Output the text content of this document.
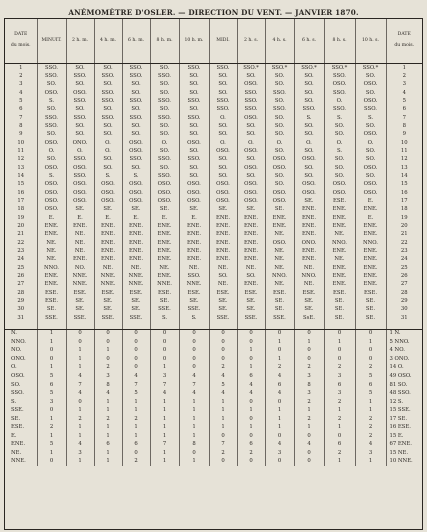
ANÉMOMÈTRE D'OSLER. — DIRECTION DU VENT. — JANVIER 1870.
DATE
du mois.	MINUIT.	2 h. m.	4 h. m.	6 h. m.	8 h. m.	10 h. m.	MIDI.	2 h. s.	4 h. s.	6 h. s.	8 h. s.	10 h. s.	DATE
du mois.

1	SSO.	SO.	SO.	SSO.	SO.	SSO.	SSO.	SSO.*	SSO.*	SSO.*	SSO.*	SSO.*	1
2	SSO.	SSO.	SSO.	SSO.	SSO.	SO.	SO.	SO.	SO.	SO.	SSO.	SO.	2
3	SO.	SO.	SO.	SO.	SO.	SO.	SO.	OSO.	SO.	SO.	OSO.	OSO.	3
4	OSO.	OSO.	SSO.	SO.	SO.	SO.	SO.	SSO.	SSO.	SO.	SSO.	SO.	4
5	S.	SSO.	SSO.	SSO.	SSO.	SSO.	SSO.	SSO.	SO.	SO.	O.	OSO.	5
6	SO.	SO.	SO.	SO.	SO.	SO.	SSO.	SSO.	SSO.	SSO.	SSO.	SSO.	6
7	SSO.	SSO.	SSO.	SSO.	SSO.	SSO.	O.	OSO.	SO.	S.	S.	S.	7
8	SSO.	SO.	SO.	SO.	SO.	SO.	SO.	SO.	SO.	SO.	SO.	SO.	8
9	SO.	SO.	SO.	SO.	SO.	SO.	SO.	SO.	SO.	SO.	SO.	OSO.	9
10	OSO.	ONO.	O.	OSO.	O.	OSO.	O.	O.	O.	O.	O.	O.	10
11	O.	O.	O.	OSO.	SO.	SO.	OSO.	OSO.	SO.	SO.	S.	SO.	11
12	SO.	SSO.	SO.	SSO.	SSO.	SSO.	SO.	SO.	OSO.	OSO.	SO.	SO.	12
13	OSO.	OSO.	SO.	SO.	SO.	SO.	SO.	OSO.	OSO.	SO.	SO.	OSO.	13
14	S.	SSO.	S.	S.	SSO.	SO.	SO.	SO.	SO.	SO.	SO.	SO.	14
15	OSO.	OSO.	OSO.	OSO.	OSO.	OSO.	OSO.	OSO.	SO.	OSO.	OSO.	OSO.	15
16	OSO.	OSO.	OSO.	OSO.	OSO.	OSO.	OSO.	OSO.	OSO.	OSO.	OSO.	OSO.	16
17	OSO.	OSO.	OSO.	OSO.	OSO.	OSO.	OSO.	OSO.	OSO.	SE.	ESE.	E.	17
18	OSO.	SE.	SE.	SE.	SE.	SE.	SE.	SE.	SE.	ENE.	ENE.	ENE.	18
19	E.	E.	E.	E.	E.	E.	ENE.	ENE.	ENE.	ENE.	ENE.	E.	19
20	ENE.	ENE.	ENE.	ENE.	ENE.	ENE.	ENE.	ENE.	ENE.	ENE.	ENE.	ENE.	20
21	ENE.	NE.	ENE.	ENE.	ENE.	ENE.	ENE.	ENE.	NE.	ENE.	NE.	ENE.	21
22	NE.	NE.	ENE.	ENE.	ENE.	ENE.	ENE.	ENE.	OSO.	ONO.	NNO.	NNO.	22
23	NE.	NE.	ENE.	ENE.	ENE.	ENE.	ENE.	ENE.	NE.	ENE.	ENE.	ENE.	23
24	NE.	ENE.	ENE.	ENE.	ENE.	ENE.	ENE.	ENE.	NE.	ENE.	NE.	ENE.	24
25	NNO.	NO.	NE.	NE.	NE.	NE.	NE.	NE.	NE.	NE.	ENE.	ENE.	25
26	ENE.	NNE.	NNE.	NNE.	ENE.	SSO.	SO.	SO.	NNO.	NNO.	ENE.	ENE.	26
27	ENE.	NNE.	NNE.	NNE.	NNE.	NNE.	NE.	ENE.	NE.	NE.	ENE.	ENE.	27
28	ESE.	ESE.	ESE.	ESE.	ESE.	ESE.	ESE.	ESE.	ESE.	ESE.	ESE.	ESE.	28
29	ESE.	SE.	SE.	SE.	SE.	SE.	SE.	SE.	SE.	SE.	SE.	SE.	29
30	SE.	SE.	SE.	SE.	SSE.	SSE.	SE.	SE.	SE.	SE.	SE.	SE.	30
31	SSE.	SSE.	SSE.	SSE.	S.	S.	SSE.	SSE.	SSE.	SsE.	SE.	SE.	31

N.	1	0	0	0	0	0	0	0	0	0	0	0	1 N.
NNO.	1	0	0	0	0	0	0	0	1	1	1	1	5 NNO.
NO.	0	1	1	0	0	0	0	1	0	0	0	0	4 NO.
ONO.	0	1	0	0	0	0	0	0	1	0	0	0	3 ONO.
O.	1	1	2	0	1	0	2	1	2	2	2	2	14 O.
OSO.	5	4	3	4	3	4	4	6	4	3	3	5	49 OSO.
SO.	6	7	8	7	7	7	5	4	6	8	6	6	81 SO.
SSO.	5	4	4	5	4	4	4	4	4	3	3	5	48 SSO.
S.	3	0	1	1	1	1	1	0	0	2	2	1	12 S.
SSE.	0	1	1	1	1	1	1	1	1	1	1	1	15 SSE.
SE.	1	2	2	2	1	1	1	0	1	2	2	2	17 SE.
ESE.	2	1	1	1	1	1	1	1	1	1	1	2	16 ESE.
E.	1	1	1	1	1	1	0	0	0	0	0	2	15 E.
ENE.	5	4	6	6	7	8	7	6	4	4	6	4	67 ENE.
NE.	1	3	1	0	1	0	2	2	3	0	2	3	15 NE.
NNE.	0	1	1	2	1	1	0	0	0	0	1	1	10 NNE.
